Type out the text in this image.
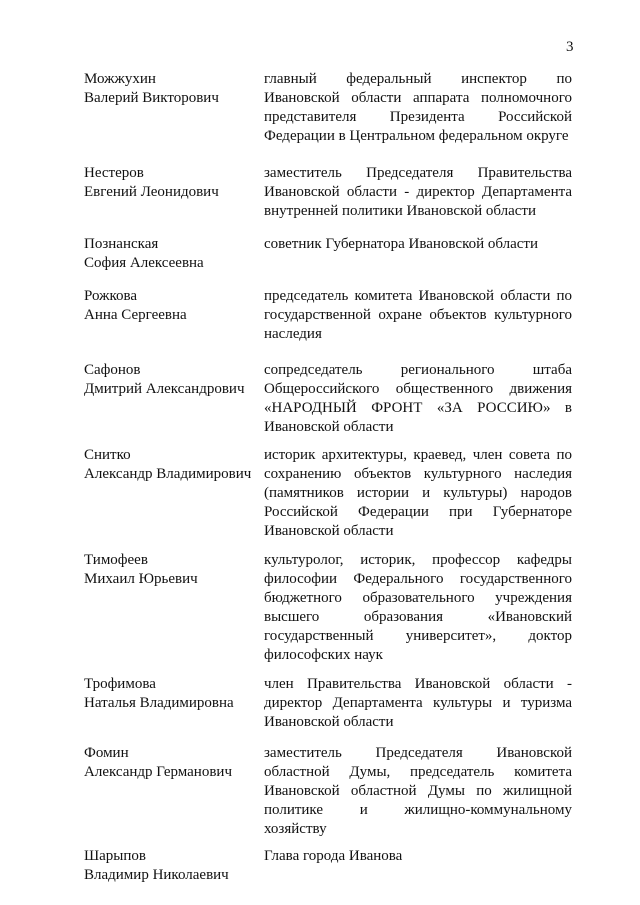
3
Можжухин
Валерий Викторович
главный федеральный инспектор по Ивановской области аппарата полномочного представителя Президента Российской Федерации в Центральном федеральном округе
Нестеров
Евгений Леонидович
заместитель Председателя Правительства Ивановской области - директор Департамента внутренней политики Ивановской области
Познанская
София Алексеевна
советник Губернатора Ивановской области
Рожкова
Анна Сергеевна
председатель комитета Ивановской области по государственной охране объектов культурного наследия
Сафонов
Дмитрий Александрович
сопредседатель регионального штаба Общероссийского общественного движения «НАРОДНЫЙ ФРОНТ «ЗА РОССИЮ» в Ивановской области
Снитко
Александр Владимирович
историк архитектуры, краевед, член совета по сохранению объектов культурного наследия (памятников истории и культуры) народов Российской Федерации при Губернаторе Ивановской области
Тимофеев
Михаил Юрьевич
культуролог, историк, профессор кафедры философии Федерального государственного бюджетного образовательного учреждения высшего образования «Ивановский государственный университет», доктор философских наук
Трофимова
Наталья Владимировна
член Правительства Ивановской области - директор Департамента культуры и туризма Ивановской области
Фомин
Александр Германович
заместитель Председателя Ивановской областной Думы, председатель комитета Ивановской областной Думы по жилищной политике и жилищно-коммунальному хозяйству
Шарыпов
Владимир Николаевич
Глава города Иванова
